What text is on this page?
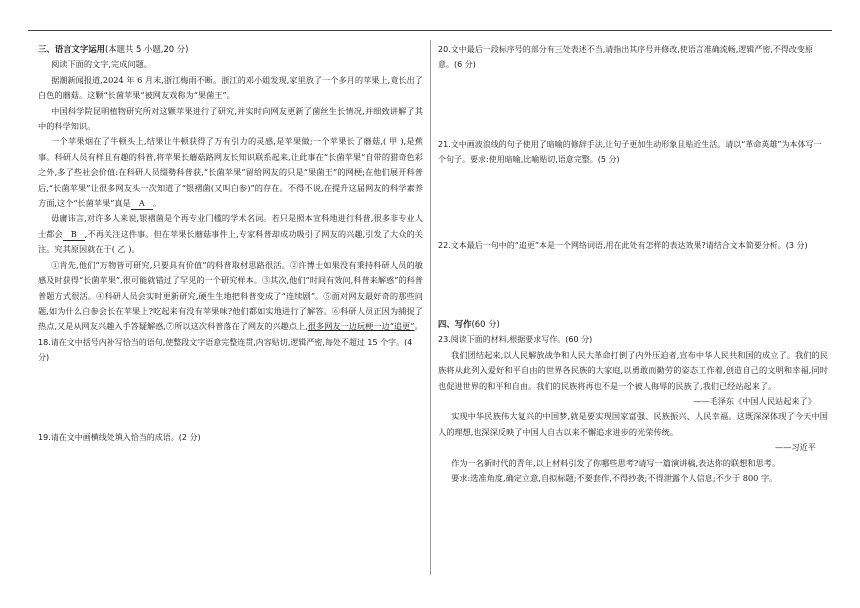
三、语言文字运用(本题共 5 小题,20 分)

阅读下面的文字,完成问题。

据潮新闻报道,2024 年 6 月末,浙江梅雨不断。浙江的邓小姐发现,家里放了一个多月的苹果上,竟长出了白色的蘑菇。这颗“长菌苹果”被网友戏称为“果菌王”。

中国科学院昆明植物研究所对这颗苹果进行了研究,并实时向网友更新了菌丝生长情况,并细致讲解了其中的科学知识。

一个苹果烟在了牛顿头上,结果让牛顿获得了万有引力的灵感,是苹果做;一个苹果长了蘑菇,( 甲 ),是蕉事。科研人员有样且有趣的科普,将苹果长蘑菇路网友长知识联系起来,让此事在“长菌苹果”自带的猎奇色彩之外,多了些社会价值:在科研人员缀勢科普获,“长菌苹果”留给网友的只是“果菌王”的网梗;在他们展开科普后,“长菌苹果”让很多网友头一次知道了“银褶菌(又叫白参)”的存在。不得不说,在提升这届网友的科学素养方面,这个“长菌苹果”真是 A 。

毋庸讳言,对许多人来说,银褶菌是个再专业门槛的学术名词。若只是照本宣科地进行科普,很多非专业人士都会 B ,不再关注这件事。但在苹果长蘑菇事件上,专家科普却成功吸引了网友的兴趣,引发了大众的关注。究其原因就在于( 乙 )。

①肯先,他们“万物皆可研究,只要具有价值”的科普取材思路很活。②许博士如果没有秉持科研人员的敏感及时获得“长菌苹果”,很可能就错过了罕见的一个研究样本。③其次,他们“时间有效问,科普来解惑”的科普普题方式很活。④科研人员会实时更新研究,硬生生地把科普变成了“连续剧”。⑤面对网友最好奇的那些问题,如为什么白参会长在苹果上?吃起来有没有苹果味?他们都如实地进行了解答。⑥科研人员正因为捕捉了热点,又是从网友兴趣入手答疑解惑,⑦所以这次科普落在了网友的兴趣点上,很多网友一边玩梗一边“追更”。

18.请在文中括号内补写恰当的语句,使整段文字语意完整连贯,内容贴切,逻辑严密,每处不超过 15 个字。(4 分)
19.请在文中画横线处填入恰当的成语。(2 分)
20.文中最后一段标序号的部分有三处表述不当,请指出其序号并修改,使语言准确流畅,逻辑严密,不得改变原意。(6 分)
21.文中画波浪线的句子使用了暗喻的修辞手法,让句子更加生动形象且贴近生活。请以“革命英雄”为本体写一个句子。要求:使用暗喻,比喻贴切,语意完整。(5 分)
22.文本最后一句中的“追更”本是一个网络词语,用在此处有怎样的表达效果?请结合文本简要分析。(3 分)
四、写作(60 分)
23.阅读下面的材料,根据要求写作。(60 分)

我们团结起来,以人民解放战争和人民大革命打倒了内外压迫者,宣布中华人民共和国的成立了。我们的民族将从此列入爱好和平自由的世界各民族的大家庭,以勇敢而勤劳的姿态工作着,创造自己的文明和幸福,同时也促进世界的和平和自由。我们的民族将再也不是一个被人侮辱的民族了,我们已经站起来了。

——毛泽东《中国人民站起来了》

实现中华民族伟大复兴的中国梦,就是要实现国家富强、民族振兴、人民幸福。这既深深体现了今天中国人的理想,也深深反映了中国人自古以来不懈追求进步的光荣传统。

——习近平

作为一名新时代的青年,以上材料引发了你哪些思考?请写一篇演讲稿,表达你的联想和思考。

要求:选准角度,确定立意,自拟标题;不要套作,不得抄袭;不得泄露个人信息;不少于 800 字。
